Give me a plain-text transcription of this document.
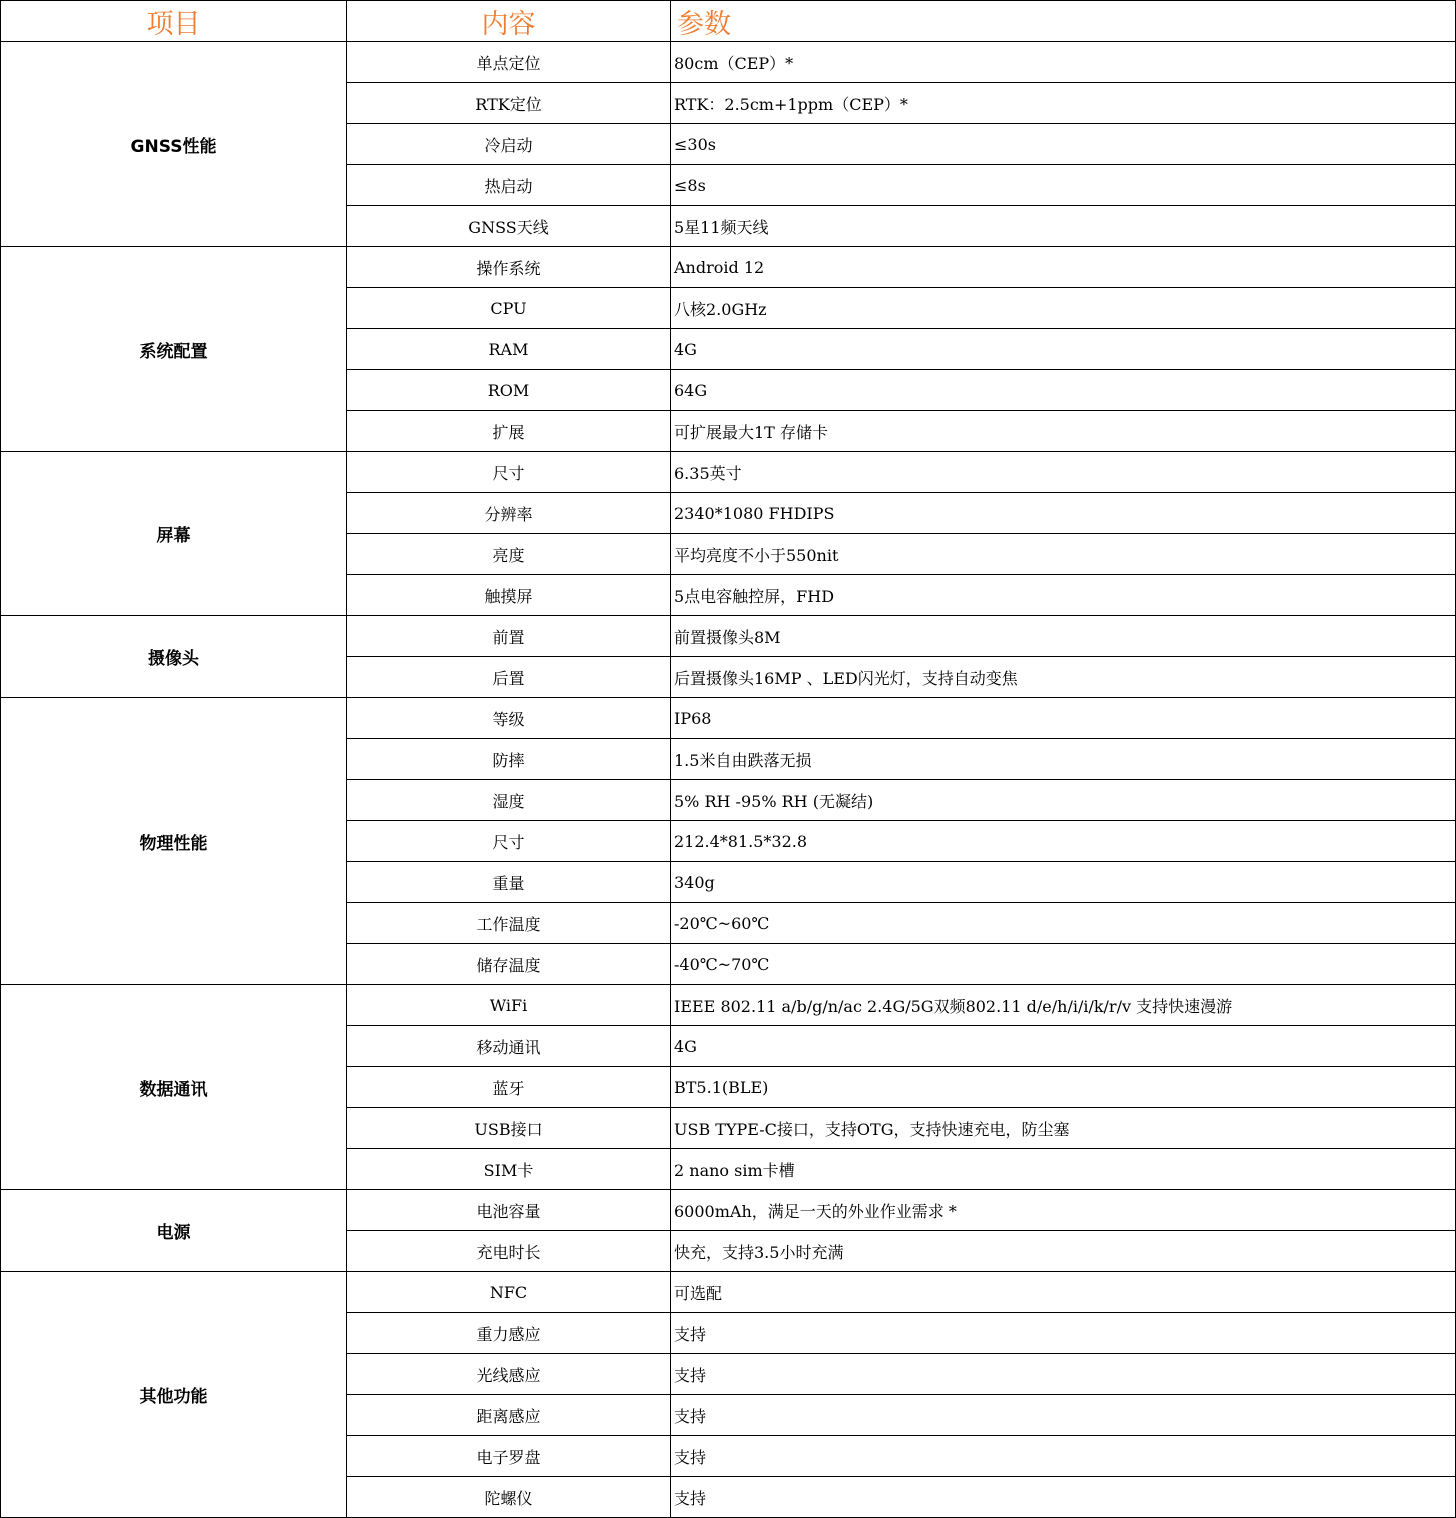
项目	内容	参数
GNSS性能	单点定位	80cm（CEP）*
	RTK定位	RTK：2.5cm+1ppm（CEP）*
	冷启动	≤30s
	热启动	≤8s
	GNSS天线	5星11频天线
系统配置	操作系统	Android 12
	CPU	八核2.0GHz
	RAM	4G
	ROM	64G
	扩展	可扩展最大1T 存储卡
屏幕	尺寸	6.35英寸
	分辨率	2340*1080 FHDIPS
	亮度	平均亮度不小于550nit
	触摸屏	5点电容触控屏，FHD
摄像头	前置	前置摄像头8M
	后置	后置摄像头16MP 、LED闪光灯，支持自动变焦
物理性能	等级	IP68
	防摔	1.5米自由跌落无损
	湿度	5% RH -95% RH (无凝结)
	尺寸	212.4*81.5*32.8
	重量	340g
	工作温度	-20℃~60℃
	储存温度	-40℃~70℃
数据通讯	WiFi	IEEE 802.11 a/b/g/n/ac 2.4G/5G双频802.11 d/e/h/i/i/k/r/v 支持快速漫游
	移动通讯	4G
	蓝牙	BT5.1(BLE)
	USB接口	USB TYPE-C接口，支持OTG，支持快速充电，防尘塞
	SIM卡	2 nano sim卡槽
电源	电池容量	6000mAh，满足一天的外业作业需求 *
	充电时长	快充，支持3.5小时充满
其他功能	NFC	可选配
	重力感应	支持
	光线感应	支持
	距离感应	支持
	电子罗盘	支持
	陀螺仪	支持
